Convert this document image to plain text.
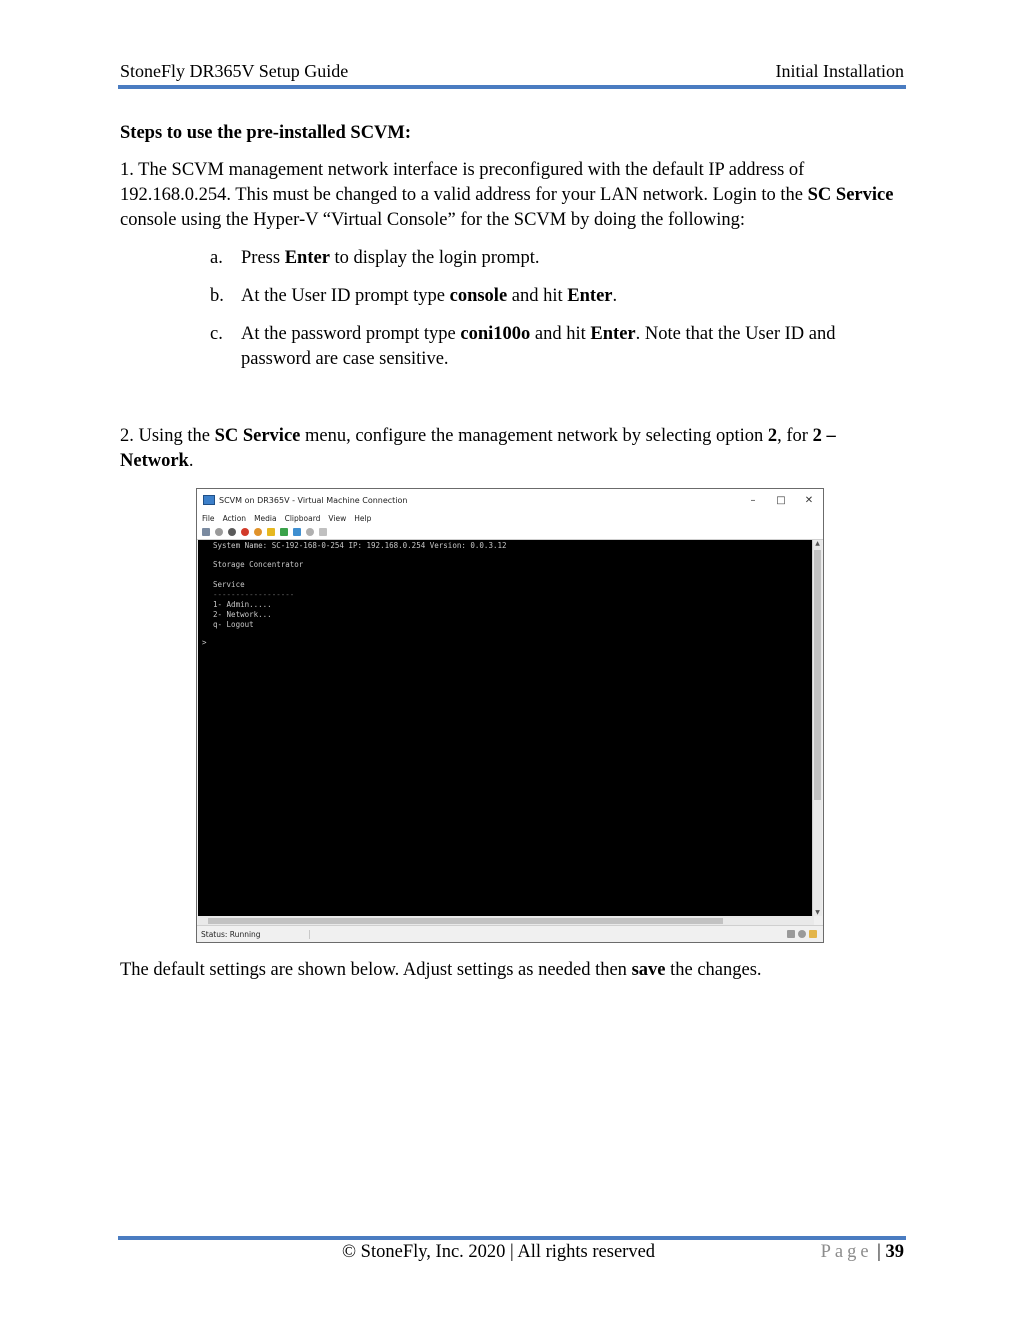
StoneFly DR365V Setup Guide	Initial Installation
Steps to use the pre-installed SCVM:
1. The SCVM management network interface is preconfigured with the default IP address of 192.168.0.254. This must be changed to a valid address for your LAN network. Login to the SC Service console using the Hyper-V “Virtual Console” for the SCVM by doing the following:
a. Press Enter to display the login prompt.
b. At the User ID prompt type console and hit Enter.
c. At the password prompt type coni100o and hit Enter. Note that the User ID and password are case sensitive.
2. Using the SC Service menu, configure the management network by selecting option 2, for 2 – Network.
SCVM on DR365V - Virtual Machine Connection	–	□	✕
File Action Media Clipboard View Help
System Name: SC-192-168-0-254 IP: 192.168.0.254 Version: 0.0.3.12
Storage Concentrator
Service
------------------
1- Admin.....
2- Network...
q- Logout
>
▲
▼
Status: Running
The default settings are shown below. Adjust settings as needed then save the changes.
© StoneFly, Inc. 2020 | All rights reserved	Page | 39
